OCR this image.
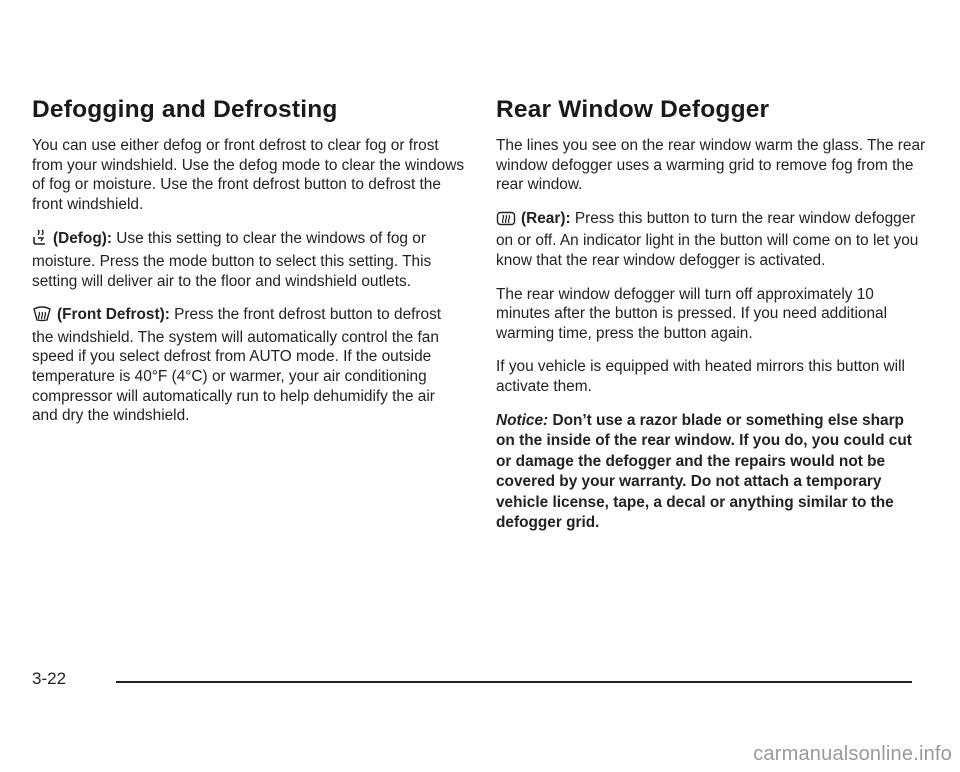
Defogging and Defrosting

You can use either defog or front defrost to clear fog or frost from your windshield. Use the defog mode to clear the windows of fog or moisture. Use the front defrost button to defrost the front windshield.

(Defog): Use this setting to clear the windows of fog or moisture. Press the mode button to select this setting. This setting will deliver air to the floor and windshield outlets.

(Front Defrost): Press the front defrost button to defrost the windshield. The system will automatically control the fan speed if you select defrost from AUTO mode. If the outside temperature is 40°F (4°C) or warmer, your air conditioning compressor will automatically run to help dehumidify the air and dry the windshield.

Rear Window Defogger

The lines you see on the rear window warm the glass. The rear window defogger uses a warming grid to remove fog from the rear window.

(Rear): Press this button to turn the rear window defogger on or off. An indicator light in the button will come on to let you know that the rear window defogger is activated.

The rear window defogger will turn off approximately 10 minutes after the button is pressed. If you need additional warming time, press the button again.

If you vehicle is equipped with heated mirrors this button will activate them.

Notice: Don’t use a razor blade or something else sharp on the inside of the rear window. If you do, you could cut or damage the defogger and the repairs would not be covered by your warranty. Do not attach a temporary vehicle license, tape, a decal or anything similar to the defogger grid.

3-22
carmanualsonline.info
